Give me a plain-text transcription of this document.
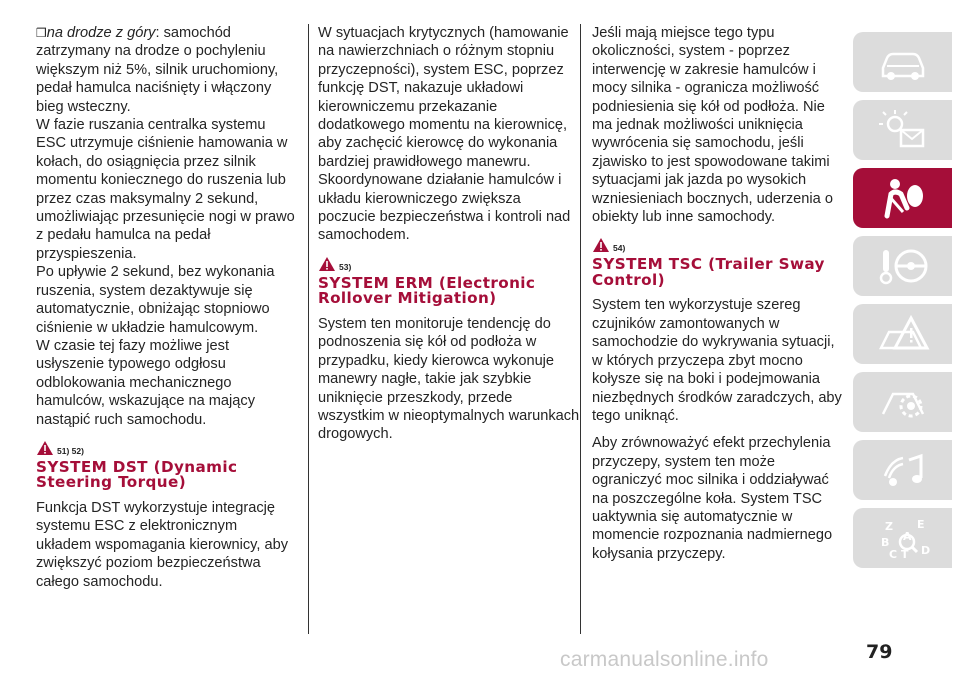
❒na drodze z góry: samochód zatrzymany na drodze o pochyleniu większym niż 5%, silnik uruchomiony, pedał hamulca naciśnięty i włączony bieg wsteczny.
W fazie ruszania centralka systemu ESC utrzymuje ciśnienie hamowania w kołach, do osiągnięcia przez silnik momentu koniecznego do ruszenia lub przez czas maksymalny 2 sekund, umożliwiając przesunięcie nogi w prawo z pedału hamulca na pedał przyspieszenia.
Po upływie 2 sekund, bez wykonania ruszenia, system dezaktywuje się automatycznie, obniżając stopniowo ciśnienie w układzie hamulcowym.
W czasie tej fazy możliwe jest usłyszenie typowego odgłosu odblokowania mechanicznego hamulców, wskazujące na mający nastąpić ruch samochodu.

51) 52)
SYSTEM DST (Dynamic Steering Torque)

Funkcja DST wykorzystuje integrację systemu ESC z elektronicznym układem wspomagania kierownicy, aby zwiększyć poziom bezpieczeństwa całego samochodu.

W sytuacjach krytycznych (hamowanie na nawierzchniach o różnym stopniu przyczepności), system ESC, poprzez funkcję DST, nakazuje układowi kierowniczemu przekazanie dodatkowego momentu na kierownicę, aby zachęcić kierowcę do wykonania bardziej prawidłowego manewru. Skoordynowane działanie hamulców i układu kierowniczego zwiększa poczucie bezpieczeństwa i kontroli nad samochodem.

53)
SYSTEM ERM (Electronic Rollover Mitigation)

System ten monitoruje tendencję do podnoszenia się kół od podłoża w przypadku, kiedy kierowca wykonuje manewry nagłe, takie jak szybkie uniknięcie przeszkody, przede wszystkim w nieoptymalnych warunkach drogowych.

Jeśli mają miejsce tego typu okoliczności, system - poprzez interwencję w zakresie hamulców i mocy silnika - ogranicza możliwość podniesienia się kół od podłoża. Nie ma jednak możliwości uniknięcia wywrócenia się samochodu, jeśli zjawisko to jest spowodowane takimi sytuacjami jak jazda po wysokich wzniesieniach bocznych, uderzenia o obiekty lub inne samochody.

54)
SYSTEM TSC (Trailer Sway Control)

System ten wykorzystuje szereg czujników zamontowanych w samochodzie do wykrywania sytuacji, w których przyczepa zbyt mocno kołysze się na boki i podejmowania niezbędnych środków zaradczych, aby tego uniknąć.

Aby zrównoważyć efekt przechylenia przyczepy, system ten może ograniczyć moc silnika i oddziaływać na poszczególne koła. System TSC uaktywnia się automatycznie w momencie rozpoznania nadmiernego kołysania przyczepy.

Z E
B A
C T D
carmanualsonline.info	79
